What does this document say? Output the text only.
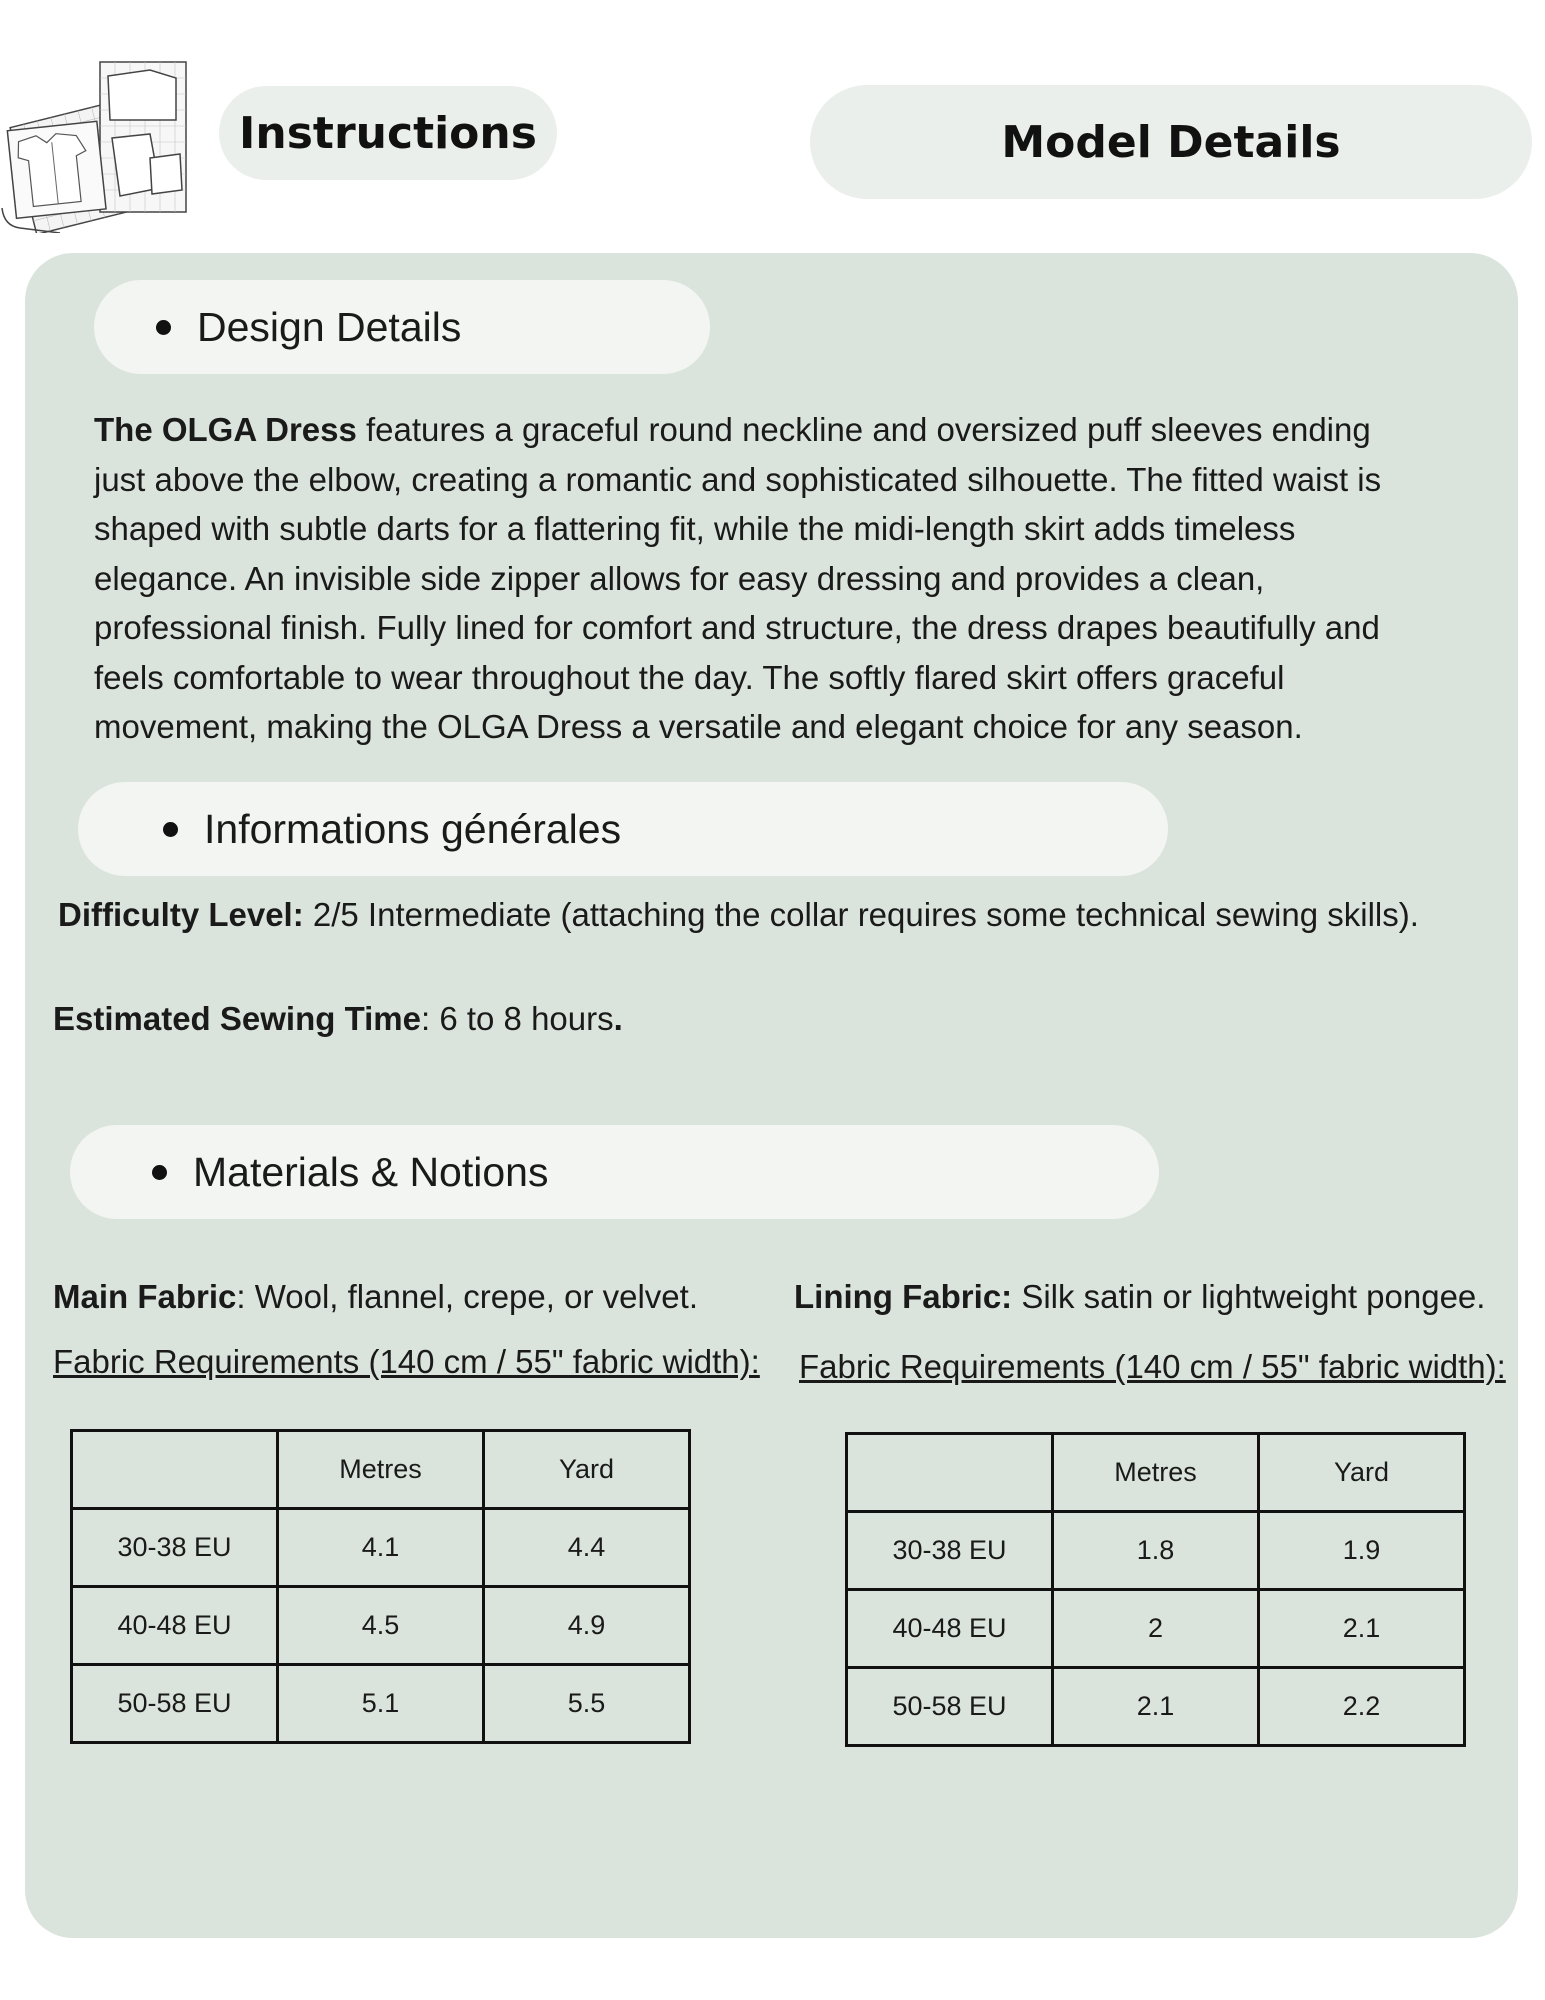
Instructions	Model Details
Design Details
The OLGA Dress features a graceful round neckline and oversized puff sleeves ending just above the elbow, creating a romantic and sophisticated silhouette. The fitted waist is shaped with subtle darts for a flattering fit, while the midi-length skirt adds timeless elegance. An invisible side zipper allows for easy dressing and provides a clean, professional finish. Fully lined for comfort and structure, the dress drapes beautifully and feels comfortable to wear throughout the day. The softly flared skirt offers graceful movement, making the OLGA Dress a versatile and elegant choice for any season.
Informations générales
Difficulty Level: 2/5 Intermediate (attaching the collar requires some technical sewing skills).
Estimated Sewing Time: 6 to 8 hours.
Materials & Notions
Main Fabric: Wool, flannel, crepe, or velvet.	Lining Fabric: Silk satin or lightweight pongee.
Fabric Requirements (140 cm / 55" fabric width): Fabric Requirements (140 cm / 55" fabric width):
	Metres	Yard
30-38 EU	4.1	4.4
40-48 EU	4.5	4.9
50-58 EU	5.1	5.5
	Metres	Yard
30-38 EU	1.8	1.9
40-48 EU	2	2.1
50-58 EU	2.1	2.2
